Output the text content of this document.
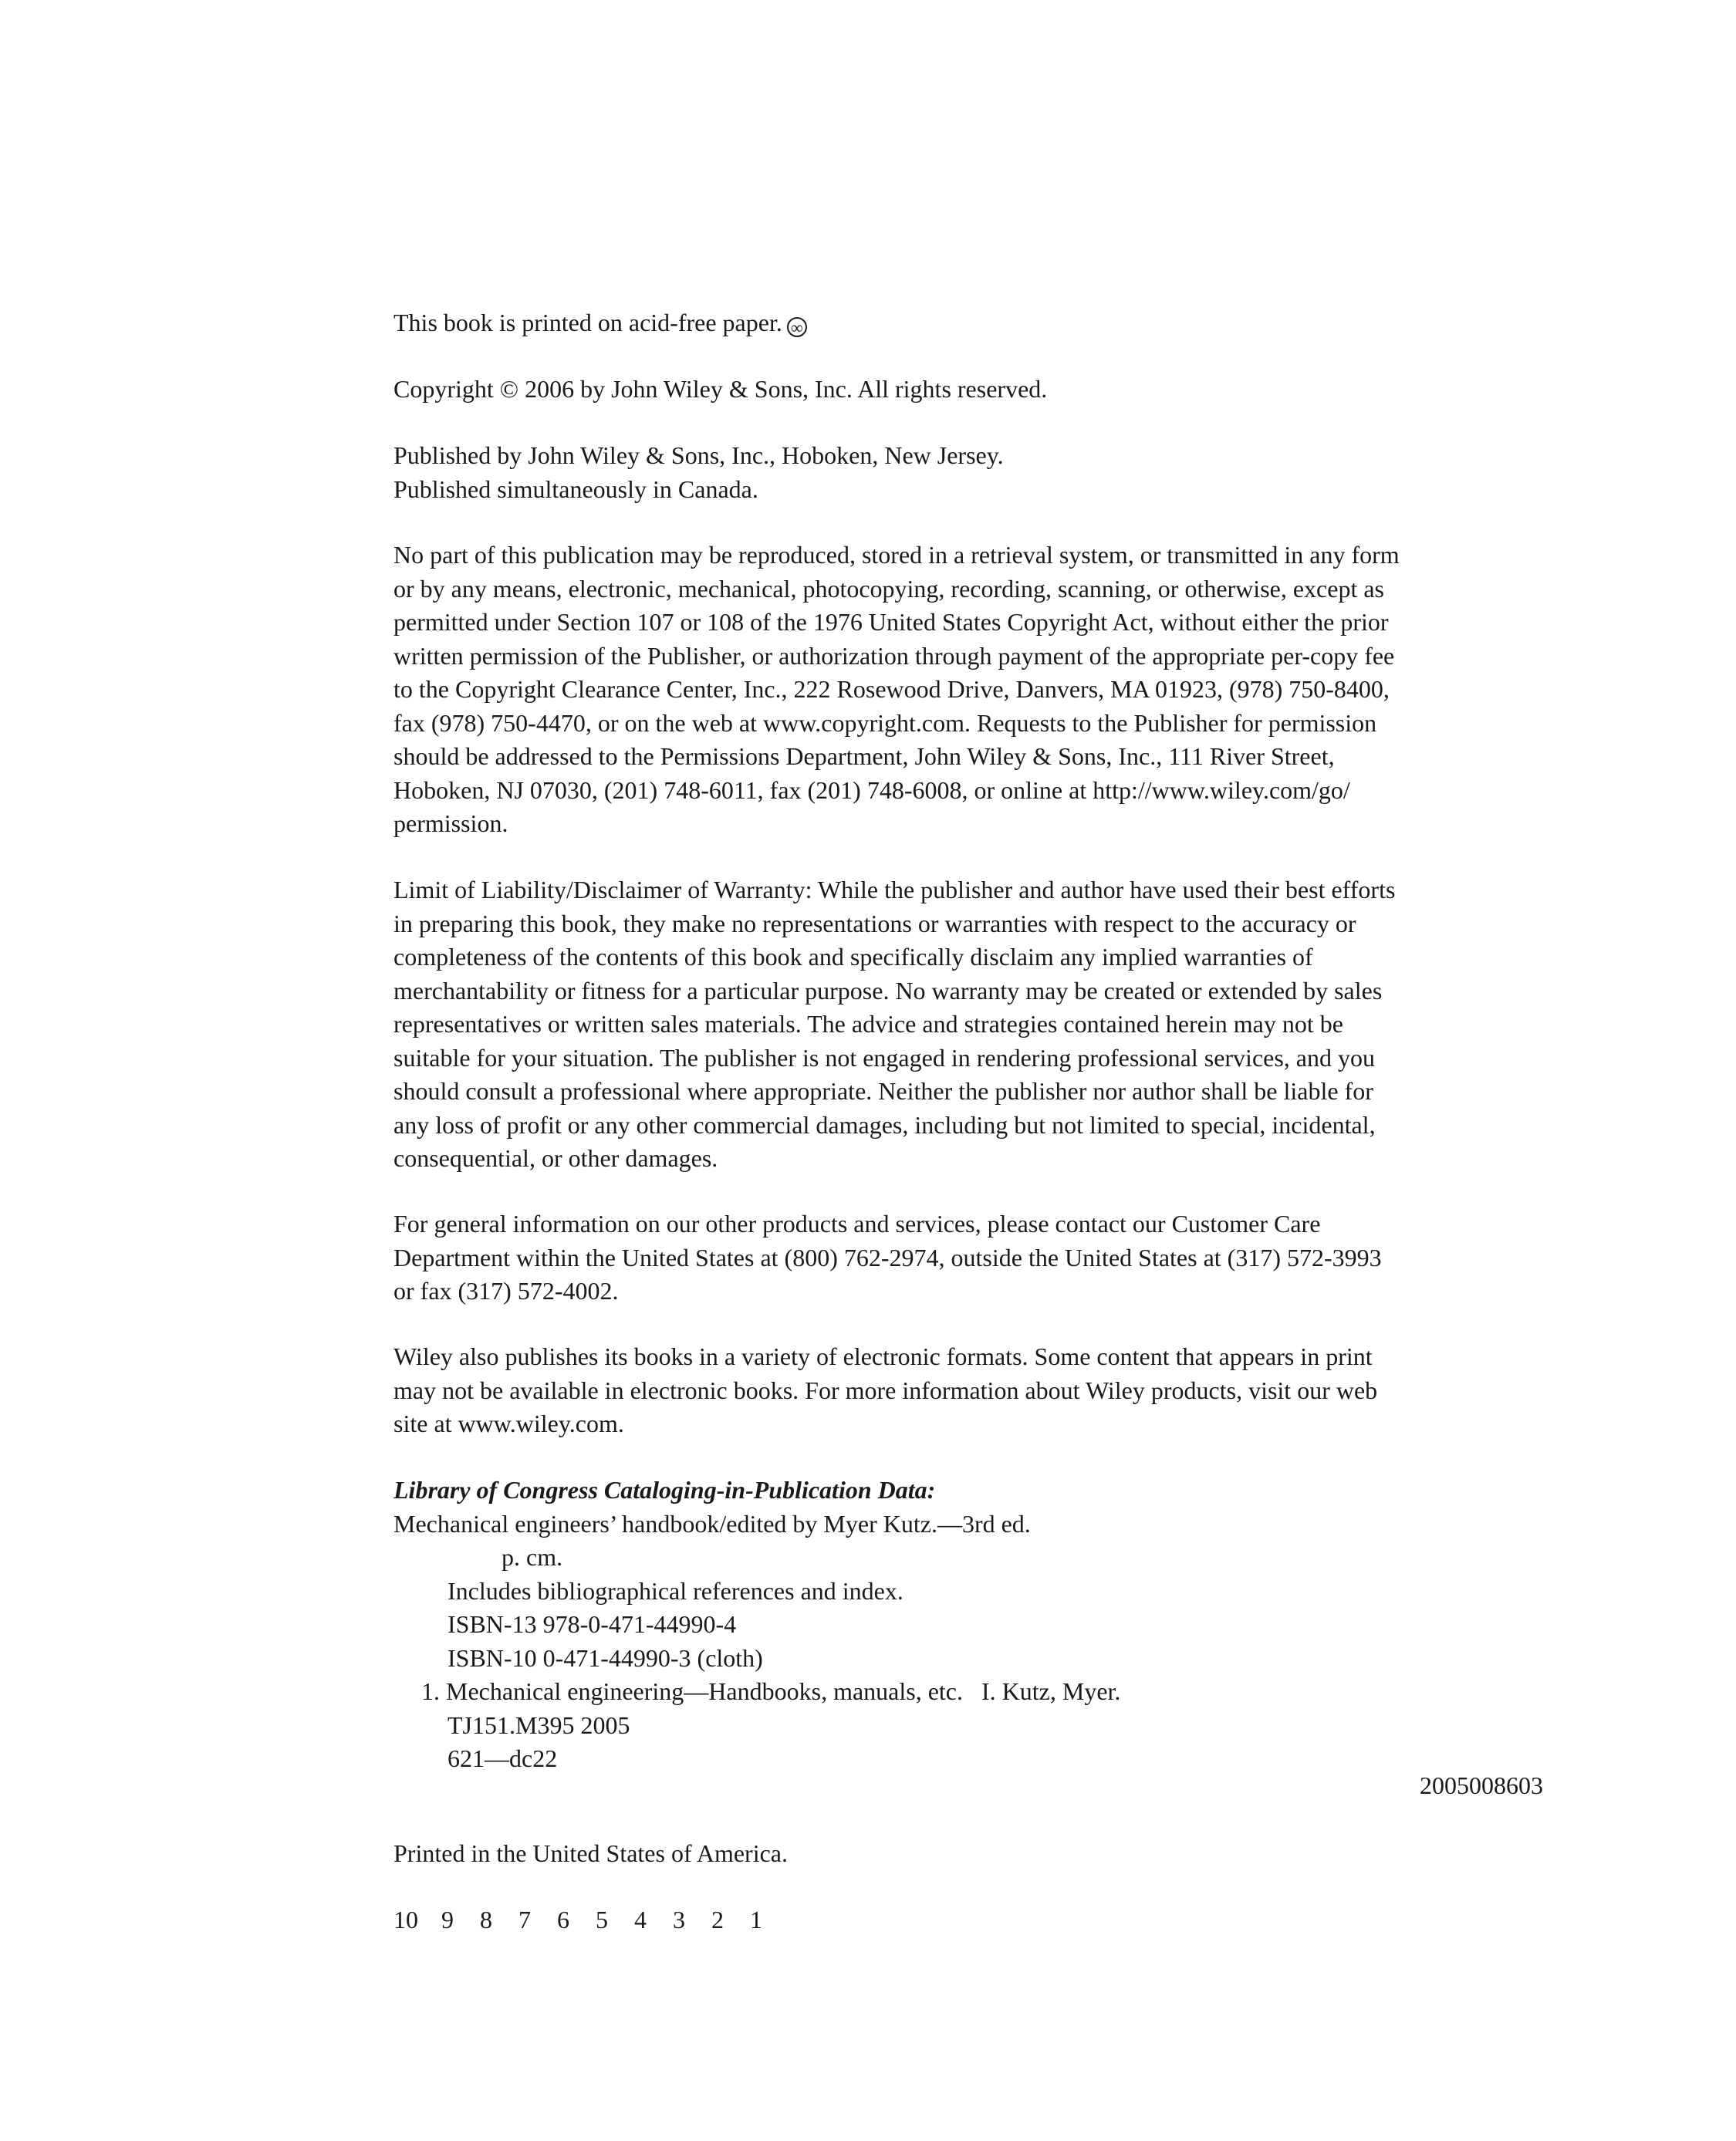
This book is printed on acid-free paper. ∞

Copyright © 2006 by John Wiley & Sons, Inc. All rights reserved.

Published by John Wiley & Sons, Inc., Hoboken, New Jersey.
Published simultaneously in Canada.

No part of this publication may be reproduced, stored in a retrieval system, or transmitted in any form
or by any means, electronic, mechanical, photocopying, recording, scanning, or otherwise, except as
permitted under Section 107 or 108 of the 1976 United States Copyright Act, without either the prior
written permission of the Publisher, or authorization through payment of the appropriate per-copy fee
to the Copyright Clearance Center, Inc., 222 Rosewood Drive, Danvers, MA 01923, (978) 750-8400,
fax (978) 750-4470, or on the web at www.copyright.com. Requests to the Publisher for permission
should be addressed to the Permissions Department, John Wiley & Sons, Inc., 111 River Street,
Hoboken, NJ 07030, (201) 748-6011, fax (201) 748-6008, or online at http://www.wiley.com/go/
permission.

Limit of Liability/Disclaimer of Warranty: While the publisher and author have used their best efforts
in preparing this book, they make no representations or warranties with respect to the accuracy or
completeness of the contents of this book and specifically disclaim any implied warranties of
merchantability or fitness for a particular purpose. No warranty may be created or extended by sales
representatives or written sales materials. The advice and strategies contained herein may not be
suitable for your situation. The publisher is not engaged in rendering professional services, and you
should consult a professional where appropriate. Neither the publisher nor author shall be liable for
any loss of profit or any other commercial damages, including but not limited to special, incidental,
consequential, or other damages.

For general information on our other products and services, please contact our Customer Care
Department within the United States at (800) 762-2974, outside the United States at (317) 572-3993
or fax (317) 572-4002.

Wiley also publishes its books in a variety of electronic formats. Some content that appears in print
may not be available in electronic books. For more information about Wiley products, visit our web
site at www.wiley.com.

Library of Congress Cataloging-in-Publication Data:
Mechanical engineers’ handbook/edited by Myer Kutz.—3rd ed.
p. cm.
Includes bibliographical references and index.
ISBN-13 978-0-471-44990-4
ISBN-10 0-471-44990-3 (cloth)
1. Mechanical engineering—Handbooks, manuals, etc.   I. Kutz, Myer.
TJ151.M395 2005
621—dc22

2005008603

Printed in the United States of America.

10 9 8 7 6 5 4 3 2 1
